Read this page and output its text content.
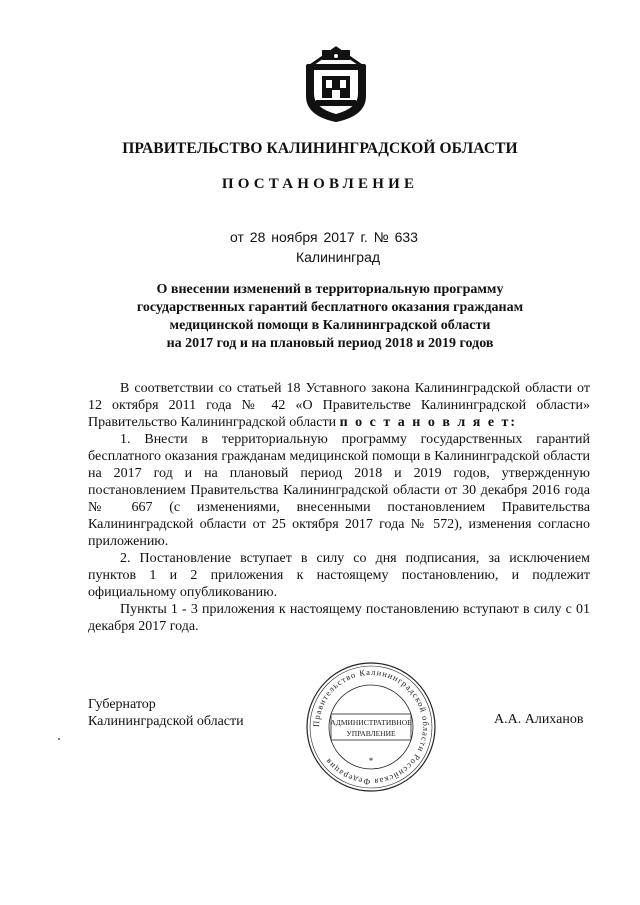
ПРАВИТЕЛЬСТВО КАЛИНИНГРАДСКОЙ ОБЛАСТИ
ПОСТАНОВЛЕНИЕ
от 28 ноября 2017 г. № 633
Калининград
О внесении изменений в территориальную программу
государственных гарантий бесплатного оказания гражданам
медицинской помощи в Калининградской области
на 2017 год и на плановый период 2018 и 2019 годов

В соответствии со статьей 18 Уставного закона Калининградской области от 12 октября 2011 года № 42 «О Правительстве Калининградской области» Правительство Калининградской области п о с т а н о в л я е т:

1. Внести в территориальную программу государственных гарантий бесплатного оказания гражданам медицинской помощи в Калининградской области на 2017 год и на плановый период 2018 и 2019 годов, утвержденную постановлением Правительства Калининградской области от 30 декабря 2016 года № 667 (с изменениями, внесенными постановлением Правительства Калининградской области от 25 октября 2017 года № 572), изменения согласно приложению.

2. Постановление вступает в силу со дня подписания, за исключением пунктов 1 и 2 приложения к настоящему постановлению, и подлежит официальному опубликованию.

Пункты 1 - 3 приложения к настоящему постановлению вступают в силу с 01 декабря 2017 года.

Губернатор
Калининградской области	Правительство Калининградской области Российская Федерация
АДМИНИСТРАТИВНОЕ
УПРАВЛЕНИЕ
*
А.А. Алиханов
